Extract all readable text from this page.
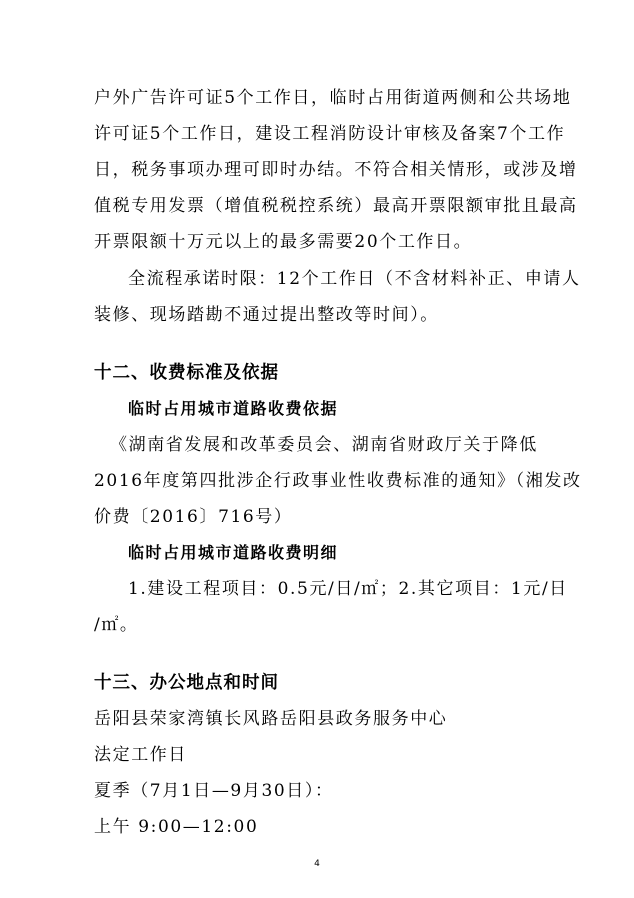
户外广告许可证5个工作日，临时占用街道两侧和公共场地
许可证5个工作日，建设工程消防设计审核及备案7个工作
日，税务事项办理可即时办结。不符合相关情形，或涉及增
值税专用发票（增值税税控系统）最高开票限额审批且最高
开票限额十万元以上的最多需要20个工作日。
全流程承诺时限：12个工作日（不含材料补正、申请人
装修、现场踏勘不通过提出整改等时间）。
十二、收费标准及依据
临时占用城市道路收费依据
《湖南省发展和改革委员会、湖南省财政厅关于降低
2016年度第四批涉企行政事业性收费标准的通知》（湘发改
价费〔2016〕716号）
临时占用城市道路收费明细
1.建设工程项目：0.5元/日/㎡；2.其它项目：1元/日
/㎡。
十三、办公地点和时间
岳阳县荣家湾镇长风路岳阳县政务服务中心
法定工作日
夏季（7月1日—9月30日）：
上午 9:00—12:00
4
